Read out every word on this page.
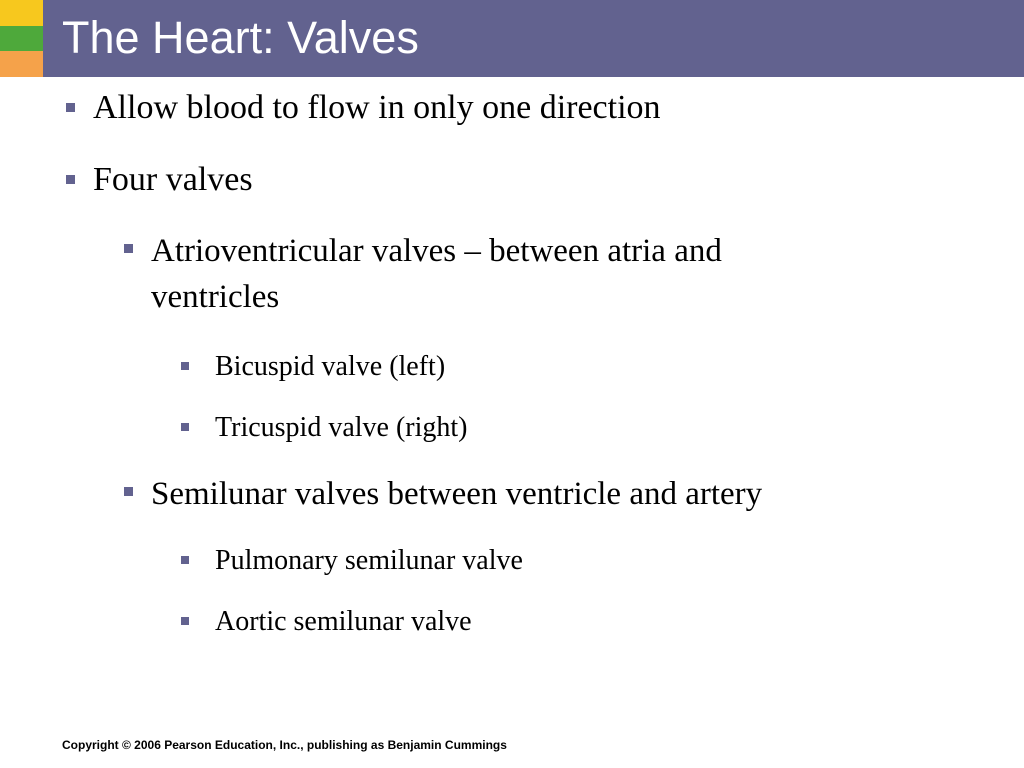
The Heart: Valves
Allow blood to flow in only one direction
Four valves
Atrioventricular valves – between atria and
ventricles
Bicuspid valve (left)
Tricuspid valve (right)
Semilunar valves between ventricle and artery
Pulmonary semilunar valve
Aortic semilunar valve
Copyright © 2006 Pearson Education, Inc., publishing as Benjamin Cummings
